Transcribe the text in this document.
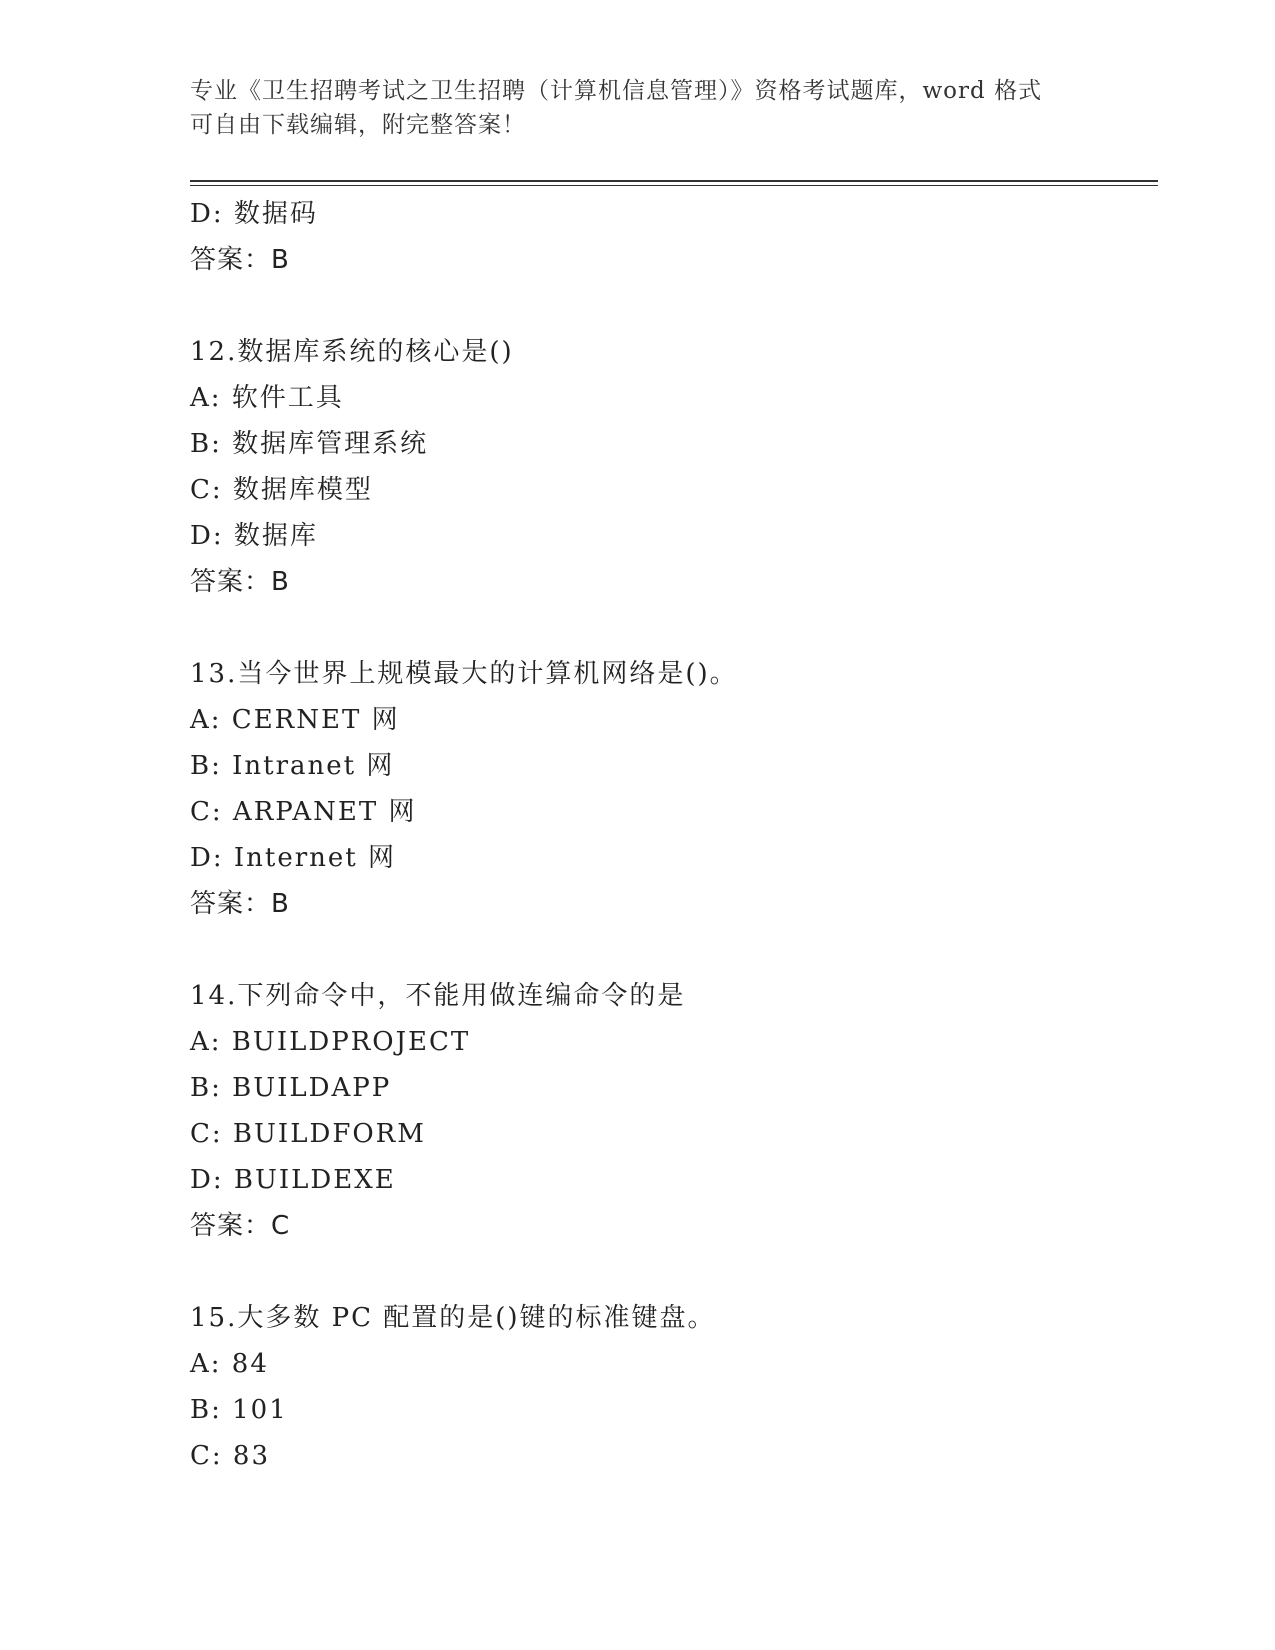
专业《卫生招聘考试之卫生招聘（计算机信息管理）》资格考试题库，word 格式
可自由下载编辑，附完整答案！
D: 数据码
答案：B
12.数据库系统的核心是()
A: 软件工具
B: 数据库管理系统
C: 数据库模型
D: 数据库
答案：B
13.当今世界上规模最大的计算机网络是()。
A: CERNET 网
B: Intranet 网
C: ARPANET 网
D: Internet 网
答案：B
14.下列命令中，不能用做连编命令的是
A: BUILDPROJECT
B: BUILDAPP
C: BUILDFORM
D: BUILDEXE
答案：C
15.大多数 PC 配置的是()键的标准键盘。
A: 84
B: 101
C: 83
